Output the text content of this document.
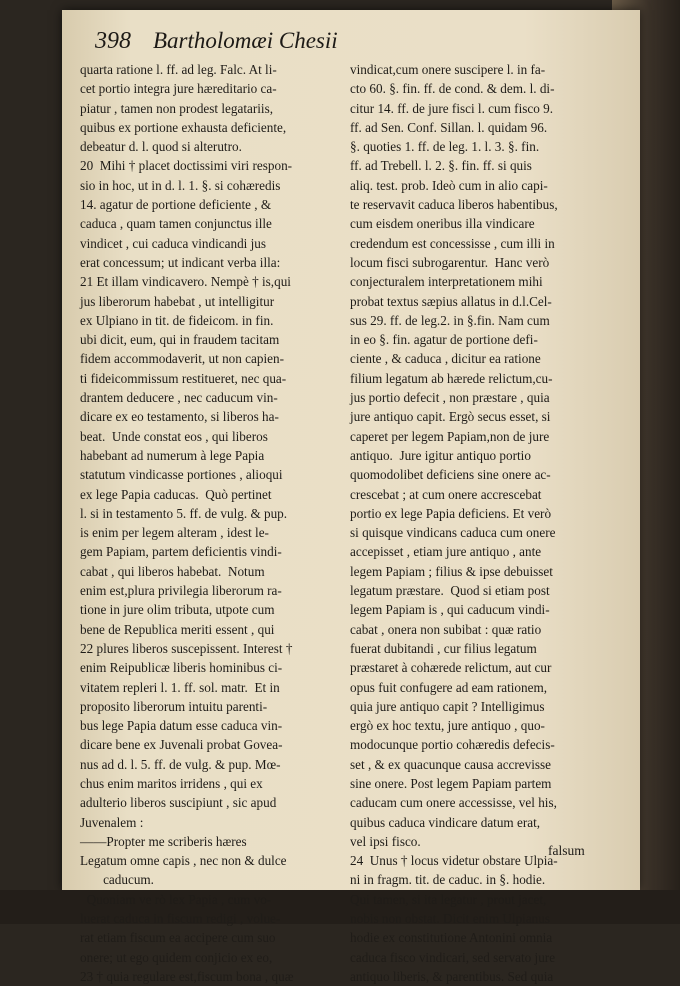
398 Bartholomæi Chesii
quarta ratione l. ff. ad leg. Falc. At li-
cet portio integra jure hæreditario ca-
piatur , tamen non prodest legatariis,
quibus ex portione exhausta deficiente,
debeatur d. l. quod si alterutro.
20  Mihi † placet doctissimi viri respon-
sio in hoc, ut in d. l. 1. §. si cohæredis
14. agatur de portione deficiente , &
caduca , quam tamen conjunctus ille
vindicet , cui caduca vindicandi jus
erat concessum; ut indicant verba illa:
21 Et illam vindicavero. Nempè † is,qui
jus liberorum habebat , ut intelligitur
ex Ulpiano in tit. de fideicom. in fin.
ubi dicit, eum, qui in fraudem tacitam
fidem accommodaverit, ut non capien-
ti fideicommissum restitueret, nec qua-
drantem deducere , nec caducum vin-
dicare ex eo testamento, si liberos ha-
beat.  Unde constat eos , qui liberos
habebant ad numerum à lege Papia
statutum vindicasse portiones , alioqui
ex lege Papia caducas.  Quò pertinet
l. si in testamento 5. ff. de vulg. & pup.
is enim per legem alteram , idest le-
gem Papiam, partem deficientis vindi-
cabat , qui liberos habebat.  Notum
enim est,plura privilegia liberorum ra-
tione in jure olim tributa, utpote cum
bene de Republica meriti essent , qui
22 plures liberos suscepissent. Interest †
enim Reipublicæ liberis hominibus ci-
vitatem repleri l. 1. ff. sol. matr.  Et in
proposito liberorum intuitu parenti-
bus lege Papia datum esse caduca vin-
dicare bene ex Juvenali probat Govea-
nus ad d. l. 5. ff. de vulg. & pup. Mœ-
chus enim maritos irridens , qui ex
adulterio liberos suscipiunt , sic apud
Juvenalem :
——Propter me scriberis hæres
Legatum omne capis , nec non & dulce
caducum.
Quoniam ve rò lex Papia , cum vo-
luerat caduca in fiscum redigi , volue-
rat etiam fiscum ea accipere cum suo
onere; ut ego quidem conjicio ex eo,
23 † quia regulare est,fiscum bona , quæ
vindicat,cum onere suscipere l. in fa-
cto 60. §. fin. ff. de cond. & dem. l. di-
citur 14. ff. de jure fisci l. cum fisco 9.
ff. ad Sen. Conf. Sillan. l. quidam 96.
§. quoties 1. ff. de leg. 1. l. 3. §. fin.
ff. ad Trebell. l. 2. §. fin. ff. si quis
aliq. test. prob. Ideò cum in alio capi-
te reservavit caduca liberos habentibus,
cum eisdem oneribus illa vindicare
credendum est concessisse , cum illi in
locum fisci subrogarentur.  Hanc verò
conjecturalem interpretationem mihi
probat textus sæpius allatus in d.l.Cel-
sus 29. ff. de leg.2. in §.fin. Nam cum
in eo §. fin. agatur de portione defi-
ciente , & caduca , dicitur ea ratione
filium legatum ab hærede relictum,cu-
jus portio defecit , non præstare , quia
jure antiquo capit. Ergò secus esset, si
caperet per legem Papiam,non de jure
antiquo.  Jure igitur antiquo portio
quomodolibet deficiens sine onere ac-
crescebat ; at cum onere accrescebat
portio ex lege Papia deficiens. Et verò
si quisque vindicans caduca cum onere
accepisset , etiam jure antiquo , ante
legem Papiam ; filius & ipse debuisset
legatum præstare.  Quod si etiam post
legem Papiam is , qui caducum vindi-
cabat , onera non subibat : quæ ratio
fuerat dubitandi , cur filius legatum
præstaret à cohærede relictum, aut cur
opus fuit confugere ad eam rationem,
quia jure antiquo capit ? Intelligimus
ergò ex hoc textu, jure antiquo , quo-
modocunque portio cohæredis defecis-
set , & ex quacunque causa accrevisse
sine onere. Post legem Papiam partem
caducam cum onere accessisse, vel his,
quibus caduca vindicare datum erat,
vel ipsi fisco.
24  Unus † locus videtur obstare Ulpia-
ni in fragm. tit. de caduc. in §. hodie.
Qui tamen, si ita legatur , prout jacet,
nobis non obstat. Dicit enim Ulpianus
hodie ex constitutione Antonini omnia
caduca fisco vindicari, sed servato jure
antiquo liberis, & parentibus. Sed quia
falsum
